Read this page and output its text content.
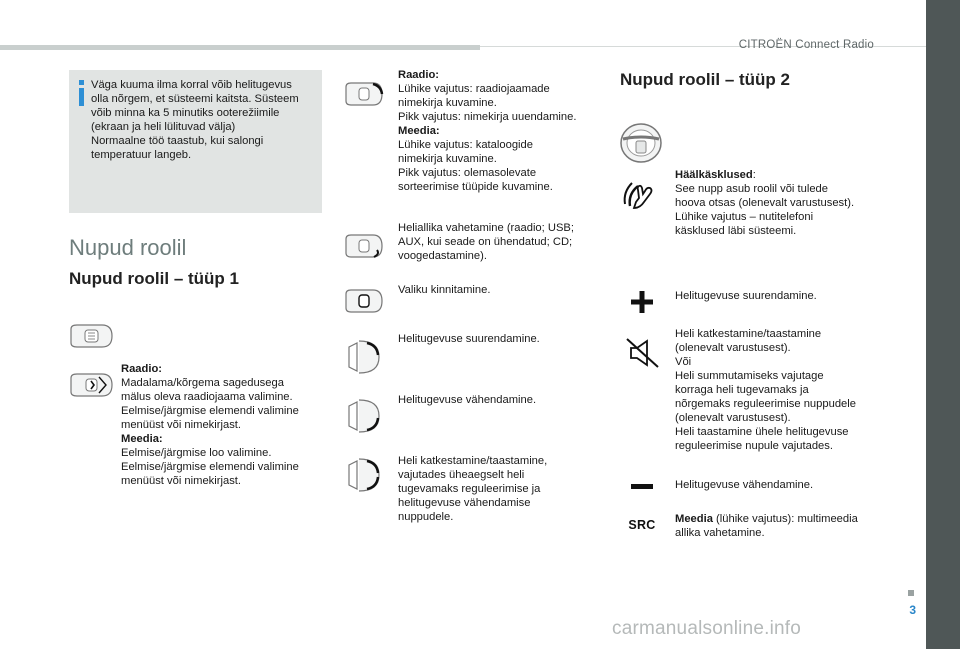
CITROËN Connect Radio
Väga kuuma ilma korral võib helitugevus
olla nõrgem, et süsteemi kaitsta. Süsteem
võib minna ka 5 minutiks ooterežiimile
(ekraan ja heli lülituvad välja)
Normaalne töö taastub, kui salongi
temperatuur langeb.
Nupud roolil
Nupud roolil – tüüp 1
Nupud roolil – tüüp 2
Raadio:
Madalama/kõrgema sagedusega
mälus oleva raadiojaama valimine.
Eelmise/järgmise elemendi valimine
menüüst või nimekirjast.
Meedia:
Eelmise/järgmise loo valimine.
Eelmise/järgmise elemendi valimine
menüüst või nimekirjast.
Raadio:
Lühike vajutus: raadiojaamade
nimekirja kuvamine.
Pikk vajutus: nimekirja uuendamine.
Meedia:
Lühike vajutus: kataloogide
nimekirja kuvamine.
Pikk vajutus: olemasolevate
sorteerimise tüüpide kuvamine.
Heliallika vahetamine (raadio; USB;
AUX, kui seade on ühendatud; CD;
voogedastamine).
Valiku kinnitamine.
Helitugevuse suurendamine.
Helitugevuse vähendamine.
Heli katkestamine/taastamine,
vajutades üheaegselt heli
tugevamaks reguleerimise ja
helitugevuse vähendamise
nuppudele.
Häälkäsklused:
See nupp asub roolil või tulede
hoova otsas (olenevalt varustusest).
Lühike vajutus – nutitelefoni
käsklused läbi süsteemi.
Helitugevuse suurendamine.
Heli katkestamine/taastamine
(olenevalt varustusest).
Või
Heli summutamiseks vajutage
korraga heli tugevamaks ja
nõrgemaks reguleerimise nuppudele
(olenevalt varustusest).
Heli taastamine ühele helitugevuse
reguleerimise nupule vajutades.
Helitugevuse vähendamine.
SRC	Meedia (lühike vajutus): multimeedia
allika vahetamine.
3
carmanualsonline.info
